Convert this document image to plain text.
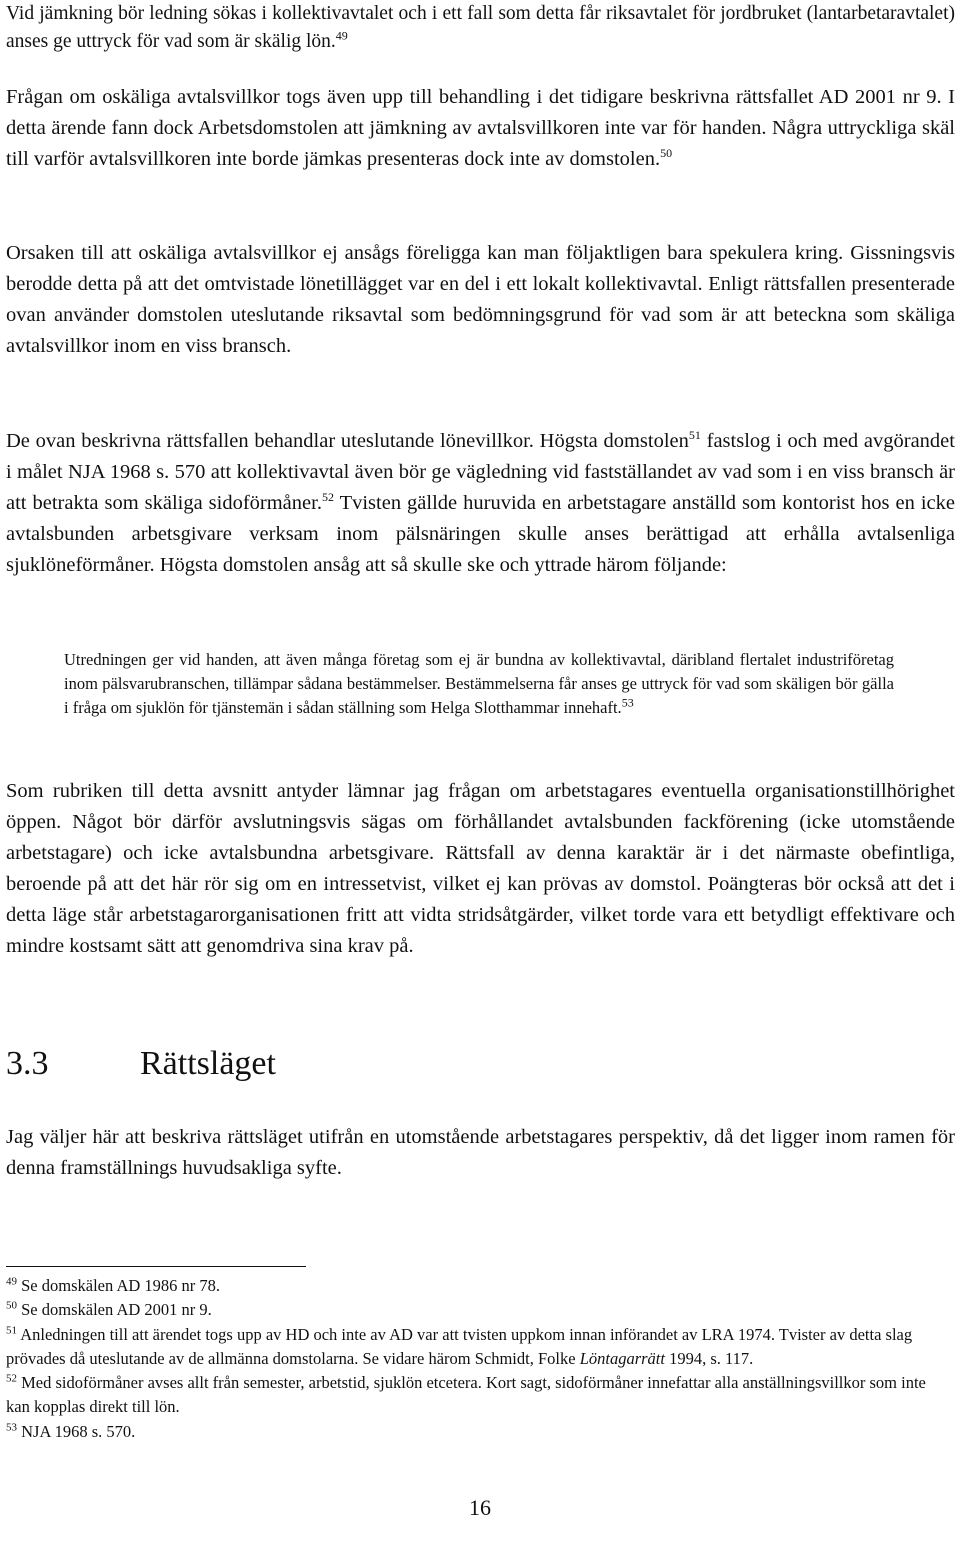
Vid jämkning bör ledning sökas i kollektivavtalet och i ett fall som detta får riksavtalet för jordbruket (lantarbetaravtalet) anses ge uttryck för vad som är skälig lön.$^{49}$

Frågan om oskäliga avtalsvillkor togs även upp till behandling i det tidigare beskrivna rättsfallet AD 2001 nr 9. I detta ärende fann dock Arbetsdomstolen att jämkning av avtalsvillkoren inte var för handen. Några uttryckliga skäl till varför avtalsvillkoren inte borde jämkas presenteras dock inte av domstolen.$^{50}$

Orsaken till att oskäliga avtalsvillkor ej ansågs föreligga kan man följaktligen bara spekulera kring. Gissningsvis berodde detta på att det omtvistade lönetillägget var en del i ett lokalt kollektivavtal. Enligt rättsfallen presenterade ovan använder domstolen uteslutande riksavtal som bedömningsgrund för vad som är att beteckna som skäliga avtalsvillkor inom en viss bransch.

De ovan beskrivna rättsfallen behandlar uteslutande lönevillkor. Högsta domstolen$^{51}$ fastslog i och med avgörandet i målet NJA 1968 s. 570 att kollektivavtal även bör ge vägledning vid fastställandet av vad som i en viss bransch är att betrakta som skäliga sidoförmåner.$^{52}$ Tvisten gällde huruvida en arbetstagare anställd som kontorist hos en icke avtalsbunden arbetsgivare verksam inom pälsnäringen skulle anses berättigad att erhålla avtalsenliga sjuklöneförmåner. Högsta domstolen ansåg att så skulle ske och yttrade härom följande:

Utredningen ger vid handen, att även många företag som ej är bundna av kollektivavtal, däribland flertalet industriföretag inom pälsvarubranschen, tillämpar sådana bestämmelser. Bestämmelserna får anses ge uttryck för vad som skäligen bör gälla i fråga om sjuklön för tjänstemän i sådan ställning som Helga Slotthammar innehaft.$^{53}$

Som rubriken till detta avsnitt antyder lämnar jag frågan om arbetstagares eventuella organisationstillhörighet öppen. Något bör därför avslutningsvis sägas om förhållandet avtalsbunden fackförening (icke utomstående arbetstagare) och icke avtalsbundna arbetsgivare. Rättsfall av denna karaktär är i det närmaste obefintliga, beroende på att det här rör sig om en intressetvist, vilket ej kan prövas av domstol. Poängteras bör också att det i detta läge står arbetstagarorganisationen fritt att vidta stridsåtgärder, vilket torde vara ett betydligt effektivare och mindre kostsamt sätt att genomdriva sina krav på.

3.3	Rättsläget

Jag väljer här att beskriva rättsläget utifrån en utomstående arbetstagares perspektiv, då det ligger inom ramen för denna framställnings huvudsakliga syfte.

$^{49}$ Se domskälen AD 1986 nr 78.

$^{50}$ Se domskälen AD 2001 nr 9.

$^{51}$ Anledningen till att ärendet togs upp av HD och inte av AD var att tvisten uppkom innan införandet av LRA 1974. Tvister av detta slag prövades då uteslutande av de allmänna domstolarna. Se vidare härom Schmidt, Folke Löntagarrätt 1994, s. 117.

$^{52}$ Med sidoförmåner avses allt från semester, arbetstid, sjuklön etcetera. Kort sagt, sidoförmåner innefattar alla anställningsvillkor som inte kan kopplas direkt till lön.

$^{53}$ NJA 1968 s. 570.

16
